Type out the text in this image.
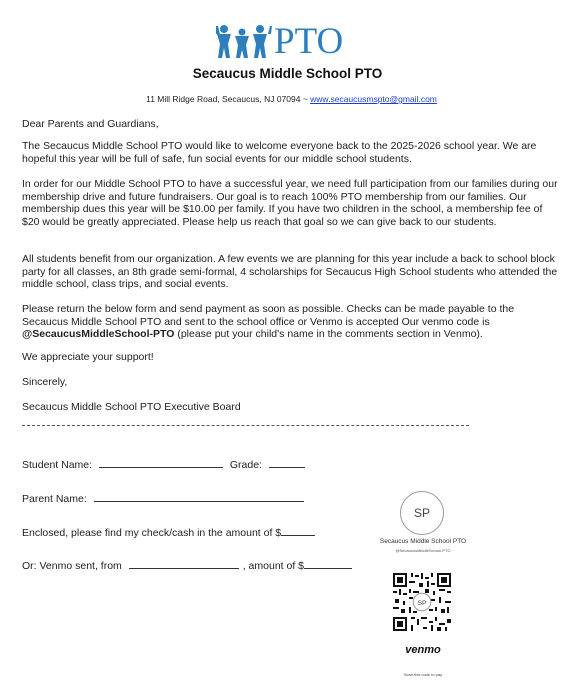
PTO
Secaucus Middle School PTO
11 Mill Ridge Road, Secaucus, NJ 07094 ~ www.secaucusmspto@gmail.com

Dear Parents and Guardians,

The Secaucus Middle School PTO would like to welcome everyone back to the 2025-2026 school year. We are hopeful this year will be full of safe, fun social events for our middle school students.

In order for our Middle School PTO to have a successful year, we need full participation from our families during our membership drive and future fundraisers. Our goal is to reach 100% PTO membership from our families. Our membership dues this year will be $10.00 per family. If you have two children in the school, a membership fee of $20 would be greatly appreciated. Please help us reach that goal so we can give back to our students.

All students benefit from our organization. A few events we are planning for this year include a back to school block party for all classes, an 8th grade semi-formal, 4 scholarships for Secaucus High School students who attended the middle school, class trips, and social events.

Please return the below form and send payment as soon as possible. Checks can be made payable to the Secaucus Middle School PTO and sent to the school office or Venmo is accepted Our venmo code is @SecaucusMiddleSchool-PTO (please put your child's name in the comments section in Venmo).

We appreciate your support!

Sincerely,

Secaucus Middle School PTO Executive Board

Student Name:	Grade:
Parent Name:
Enclosed, please find my check/cash in the amount of $
Or: Venmo sent, from	, amount of $
SP
Secaucus Middle School PTO
@SecaucusMiddleSchool-PTO
SP
venmo
Scan this code to pay
